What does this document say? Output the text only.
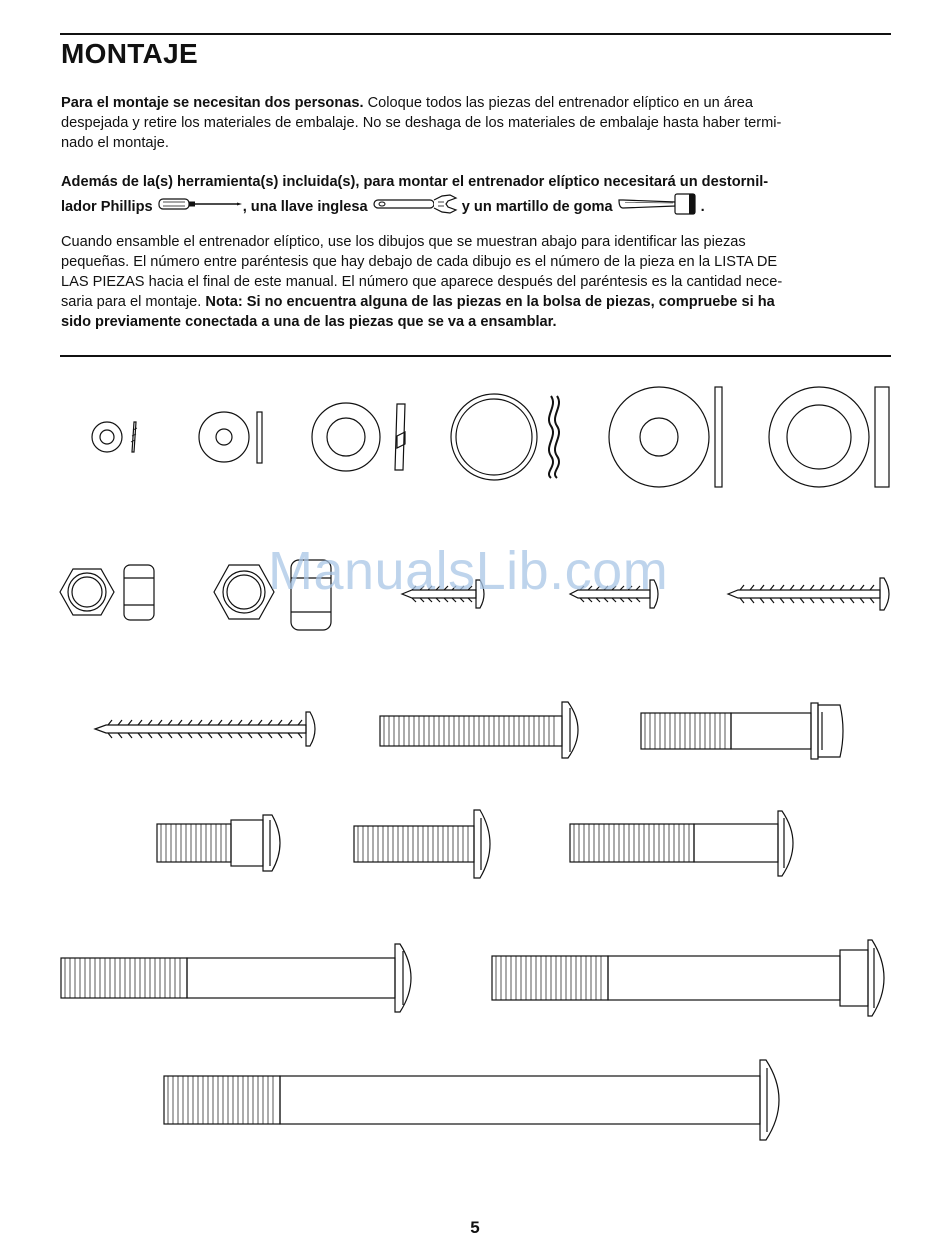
MONTAJE

Para el montaje se necesitan dos personas. Coloque todos las piezas del entrenador elíptico en un área
despejada y retire los materiales de embalaje. No se deshaga de los materiales de embalaje hasta haber termi-
nado el montaje.

Además de la(s) herramienta(s) incluida(s), para montar el entrenador elíptico necesitará un destornil-
lador Phillips	, una llave inglesa	y un martillo de goma	.

Cuando ensamble el entrenador elíptico, use los dibujos que se muestran abajo para identificar las piezas
pequeñas. El número entre paréntesis que hay debajo de cada dibujo es el número de la pieza en la LISTA DE
LAS PIEZAS hacia el final de este manual. El número que aparece después del paréntesis es la cantidad nece-
saria para el montaje. Nota: Si no encuentra alguna de las piezas en la bolsa de piezas, compruebe si ha
sido previamente conectada a una de las piezas que se va a ensamblar.

ManualsLib.com
5
